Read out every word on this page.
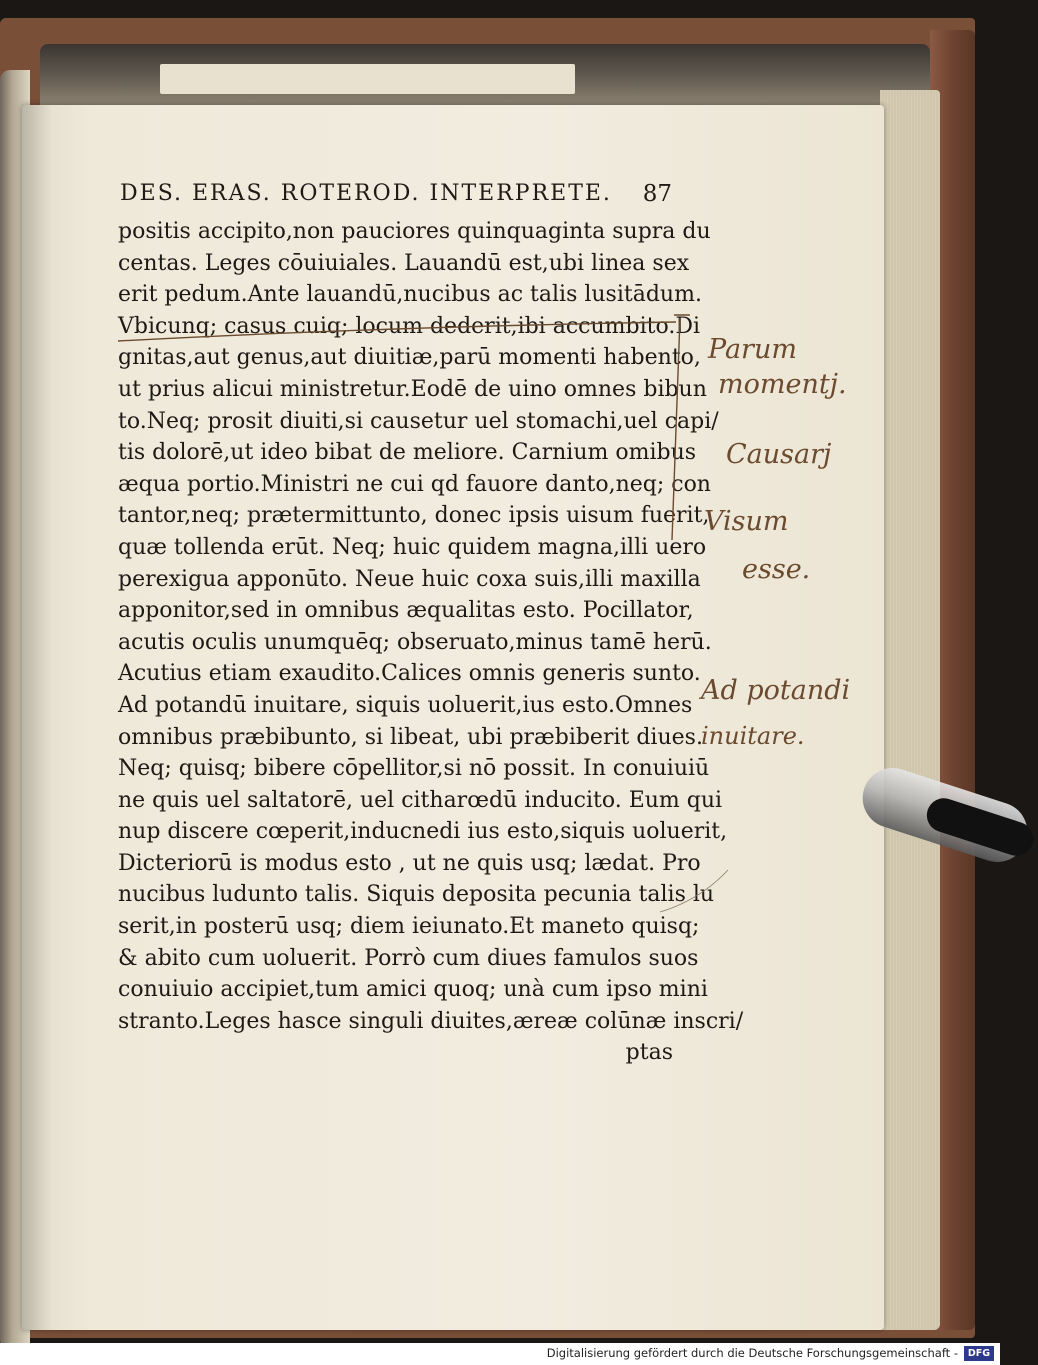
DES. ERAS. ROTEROD. INTERPRETE.	87
positis accipito,non pauciores quinquaginta supra du
centas. Leges cōuiuiales. Lauandū est,ubi linea sex
erit pedum.Ante lauandū,nucibus ac talis lusitādum.
Vbicunq; casus cuiq; locum dederit,ibi accumbito.Di
gnitas,aut genus,aut diuitiæ,parū momenti habento,
ut prius alicui ministretur.Eodē de uino omnes bibun
to.Neq; prosit diuiti,si causetur uel stomachi,uel capi/
tis dolorē,ut ideo bibat de meliore. Carnium omibus
æqua portio.Ministri ne cui qd fauore danto,neq; con
tantor,neq; prætermittunto, donec ipsis uisum fuerit,
quæ tollenda erūt. Neq; huic quidem magna,illi uero
perexigua apponūto. Neue huic coxa suis,illi maxilla
apponitor,sed in omnibus æqualitas esto. Pocillator,
acutis oculis unumquēq; obseruato,minus tamē herū.
Acutius etiam exaudito.Calices omnis generis sunto.
Ad potandū inuitare, siquis uoluerit,ius esto.Omnes
omnibus præbibunto, si libeat, ubi præbiberit diues.
Neq; quisq; bibere cōpellitor,si nō possit. In conuiuiū
ne quis uel saltatorē, uel citharœdū inducito. Eum qui
nup discere cœperit,inducnedi ius esto,siquis uoluerit,
Dicteriorū is modus esto , ut ne quis usq; lædat. Pro
nucibus ludunto talis. Siquis deposita pecunia talis lu
serit,in posterū usq; diem ieiunato.Et maneto quisq;
& abito cum uoluerit. Porrò cum diues famulos suos
conuiuio accipiet,tum amici quoq; unà cum ipso mini
stranto.Leges hasce singuli diuites,æreæ colūnæ inscri/
ptas
Parum
momentj.
Causarj
Visum
esse.
Ad potandi
inuitare.
Digitalisierung gefördert durch die Deutsche Forschungsgemeinschaft -	DFG
